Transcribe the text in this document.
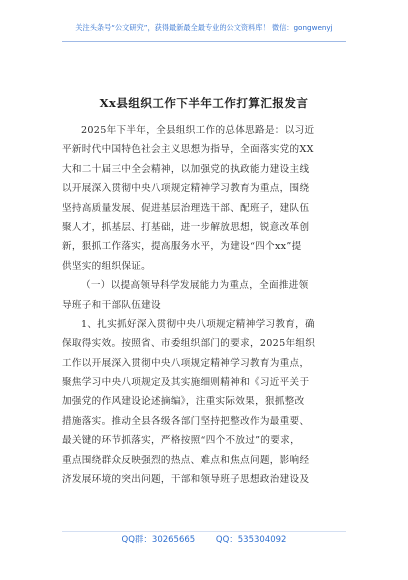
关注头条号“公文研究”，获得最新最全最专业的公文资料库！ 微信：gongwenyj
Xx县组织工作下半年工作打算汇报发言
2025年下半年，全县组织工作的总体思路是：以习近
平新时代中国特色社会主义思想为指导，全面落实党的XX
大和二十届三中全会精神，以加强党的执政能力建设主线
以开展深入贯彻中央八项规定精神学习教育为重点，围绕
坚持高质量发展、促进基层治理选干部、配班子，建队伍
聚人才，抓基层、打基础，进一步解放思想，锐意改革创
新，狠抓工作落实，提高服务水平，为建设“四个xx”提
供坚实的组织保证。
（一）以提高领导科学发展能力为重点，全面推进领
导班子和干部队伍建设
1、扎实抓好深入贯彻中央八项规定精神学习教育，确
保取得实效。按照省、市委组织部门的要求，2025年组织
工作以开展深入贯彻中央八项规定精神学习教育为重点，
聚焦学习中央八项规定及其实施细则精神和《习近平关于
加强党的作风建设论述摘编》，注重实际效果，狠抓整改
措施落实。推动全县各级各部门坚持把整改作为最重要、
最关键的环节抓落实，严格按照“四个不放过”的要求，
重点围绕群众反映强烈的热点、难点和焦点问题，影响经
济发展环境的突出问题，干部和领导班子思想政治建设及
QQ群：30265665 QQ：535304092
